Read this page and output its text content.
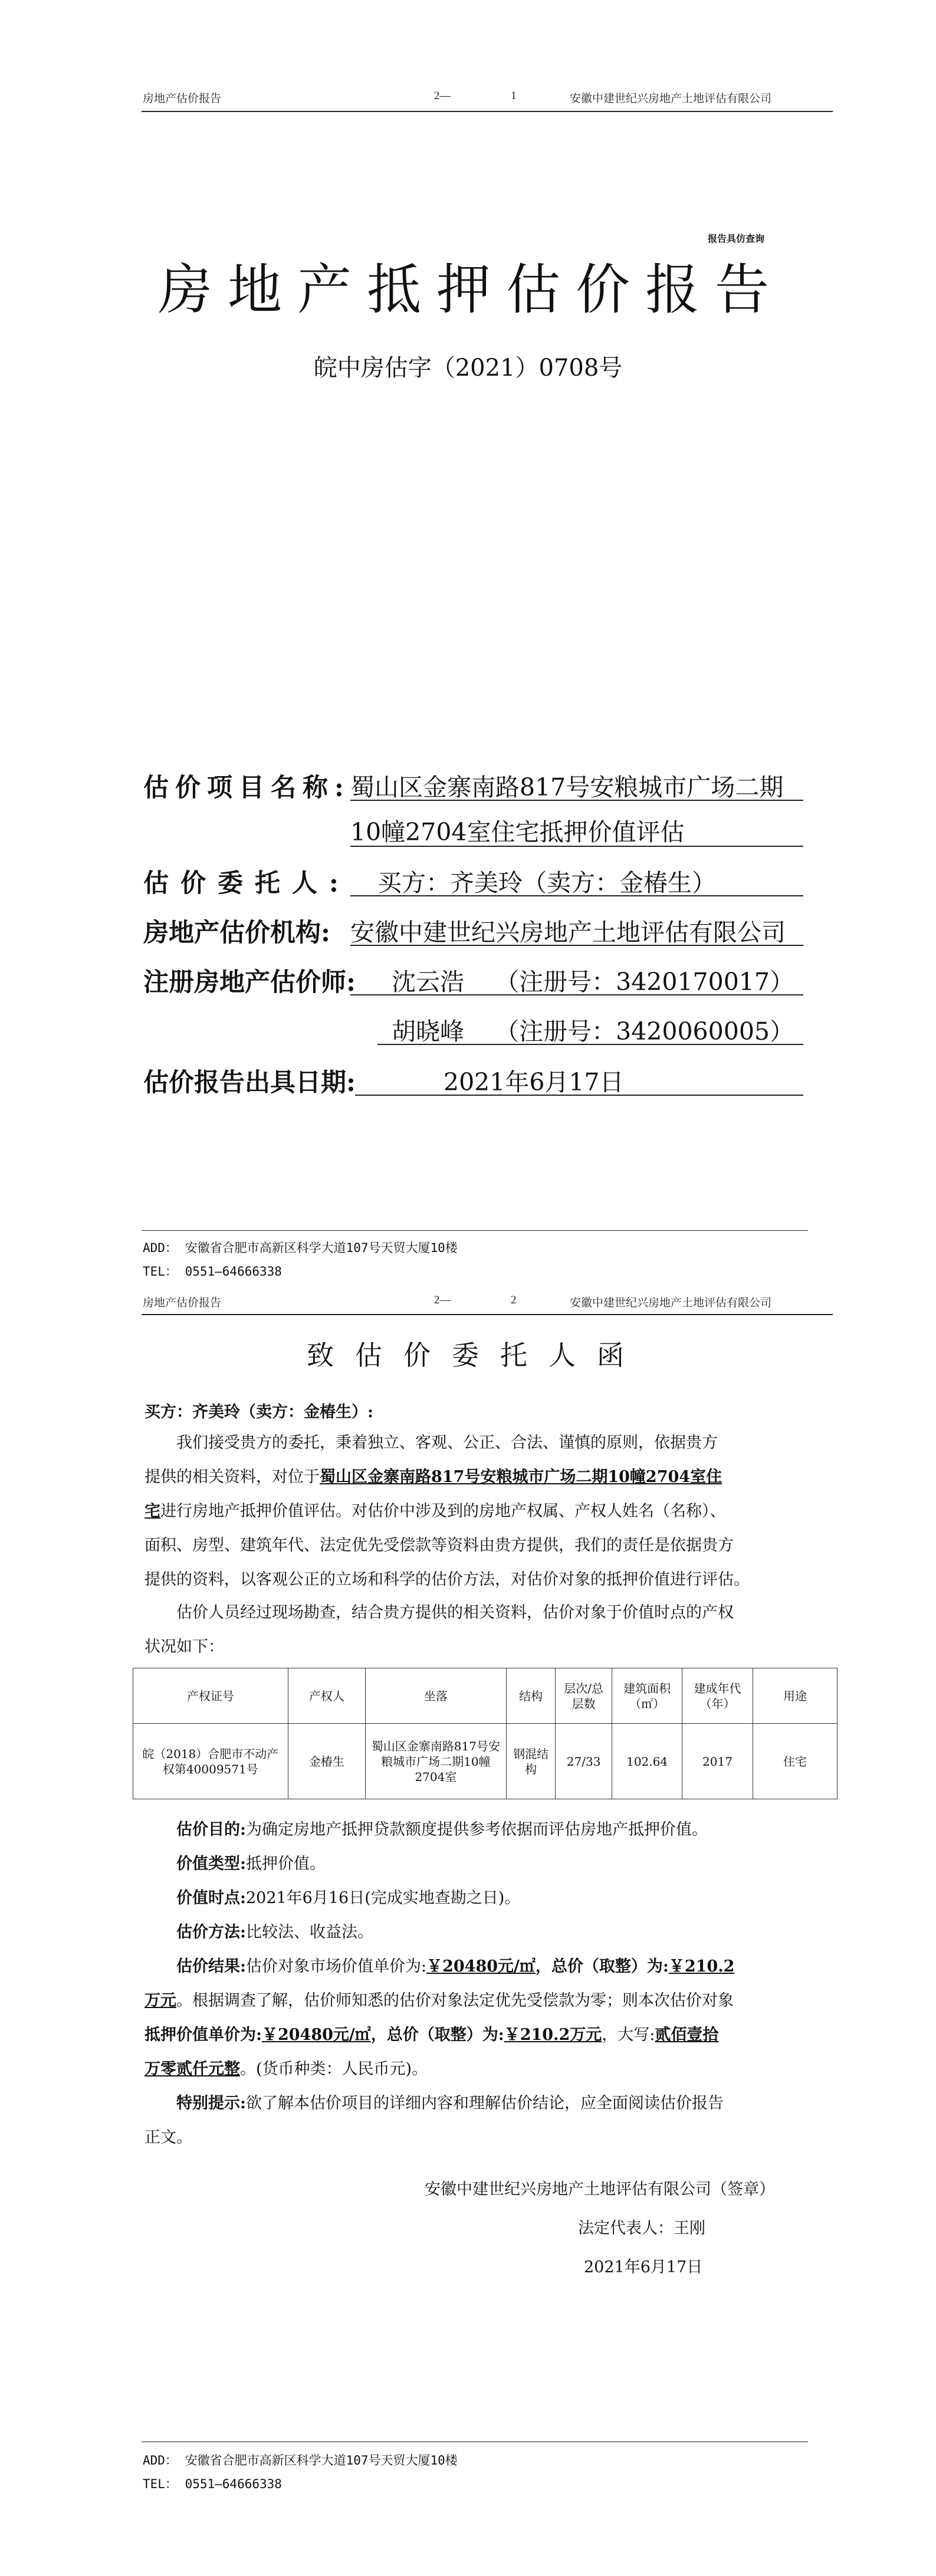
房地产估价报告	2—	1	安徽中建世纪兴房地产土地评估有限公司
报告具仿查询
房地产抵押估价报告
皖中房估字（2021）0708号
估价项目名称: 蜀山区金寨南路817号安粮城市广场二期
10幢2704室住宅抵押价值评估
估价委托人: 买方：齐美玲（卖方：金椿生）
房地产估价机构: 安徽中建世纪兴房地产土地评估有限公司
注册房地产估价师: 沈云浩    （注册号：3420170017）
胡晓峰    （注册号：3420060005）
估价报告出具日期:	2021年6月17日
ADD： 安徽省合肥市高新区科学大道107号天贸大厦10楼
TEL： 0551—64666338
房地产估价报告	2—	2	安徽中建世纪兴房地产土地评估有限公司
致估价委托人函
买方：齐美玲（卖方：金椿生）:
我们接受贵方的委托，秉着独立、客观、公正、合法、谨慎的原则，依据贵方
提供的相关资料，对位于蜀山区金寨南路817号安粮城市广场二期10幢2704室住
宅进行房地产抵押价值评估。对估价中涉及到的房地产权属、产权人姓名（名称）、
面积、房型、建筑年代、法定优先受偿款等资料由贵方提供，我们的责任是依据贵方
提供的资料，以客观公正的立场和科学的估价方法，对估价对象的抵押价值进行评估。
估价人员经过现场勘查，结合贵方提供的相关资料，估价对象于价值时点的产权
状况如下：
产权证号	产权人	坐落	结构	层次/总层数	建筑面积（㎡）	建成年代（年）	用途
皖（2018）合肥市不动产权第40009571号	金椿生	蜀山区金寨南路817号安粮城市广场二期10幢2704室	钢混结构	27/33	102.64	2017	住宅
估价目的:为确定房地产抵押贷款额度提供参考依据而评估房地产抵押价值。
价值类型:抵押价值。
价值时点:2021年6月16日(完成实地查勘之日)。
估价方法:比较法、收益法。
估价结果:估价对象市场价值单价为:￥20480元/㎡，总价（取整）为:￥210.2
万元。根据调查了解，估价师知悉的估价对象法定优先受偿款为零；则本次估价对象
抵押价值单价为:￥20480元/㎡，总价（取整）为:￥210.2万元，大写:贰佰壹拾
万零贰仟元整。(货币种类：人民币元)。
特别提示:欲了解本估价项目的详细内容和理解估价结论，应全面阅读估价报告
正文。
安徽中建世纪兴房地产土地评估有限公司（签章）
法定代表人：王刚
2021年6月17日
ADD： 安徽省合肥市高新区科学大道107号天贸大厦10楼
TEL： 0551—64666338
